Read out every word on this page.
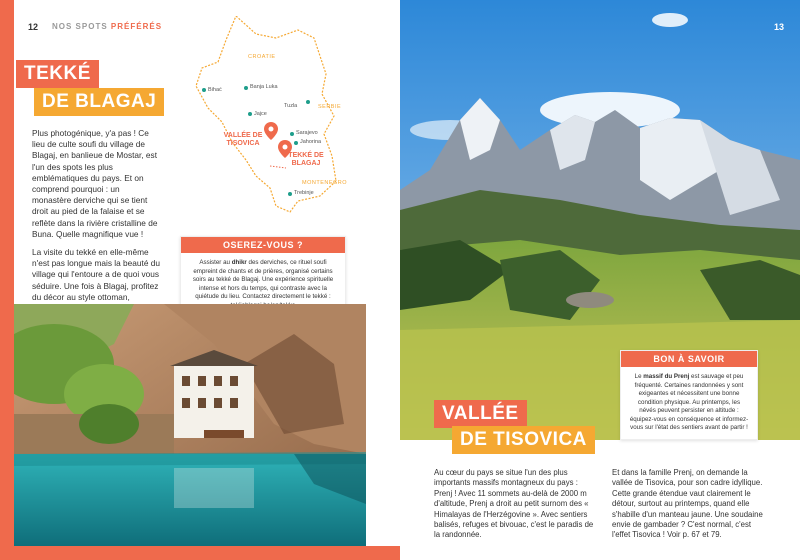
12 NOS SPOTS PRÉFÉRÉS
TEKKÉ
DE BLAGAJ

Plus photogénique, y'a pas ! Ce lieu de culte soufi du village de Blagaj, en banlieue de Mostar, est l'un des spots les plus emblématiques du pays. Et on comprend pourquoi : un monastère derviche qui se tient droit au pied de la falaise et se reflète dans la rivière cristalline de Buna. Quelle magnifique vue !

La visite du tekké en elle-même n'est pas longue mais la beauté du village qui l'entoure a de quoi vous séduire. Une fois à Blagaj, profitez du décor au style ottoman,

CROATIE
SERBIE
MONTENEGRO
Bihać	Banja Luka
Jajce
Tuzla
Sarajevo
Jahorina
Trebinje
VALLÉE DE TISOVICA
TEKKÉ DE BLAGAJ
OSEREZ-VOUS ?
Assister au dhikr des derviches, ce rituel soufi empreint de chants et de prières, organisé certains soirs au tekké de Blagaj. Une expérience spirituelle intense et hors du temps, qui contraste avec la quiétude du lieu. Contactez directement le tekké :
13
VALLÉE
DE TISOVICA
BON À SAVOIR
Le massif du Prenj est sauvage et peu fréquenté. Certaines randonnées y sont exigeantes et nécessitent une bonne condition physique. Au printemps, les névés peuvent persister en altitude : équipez-vous en conséquence et informez-vous sur l'état des sentiers avant de partir !
Au cœur du pays se situe l'un des plus importants massifs montagneux du pays : Prenj ! Avec 11 sommets au-delà de 2000 m d'altitude, Prenj a droit au petit surnom des « Himalayas de l'Herzégovine ». Avec sentiers balisés, refuges et bivouac, c'est le paradis de la randonnée.
Et dans la famille Prenj, on demande la vallée de Tisovica, pour son cadre idyllique. Cette grande étendue vaut clairement le détour, surtout au printemps, quand elle s'habille d'un manteau jaune. Une soudaine envie de gambader ? C'est normal, c'est l'effet Tisovica ! Voir p. 67 et 79.
